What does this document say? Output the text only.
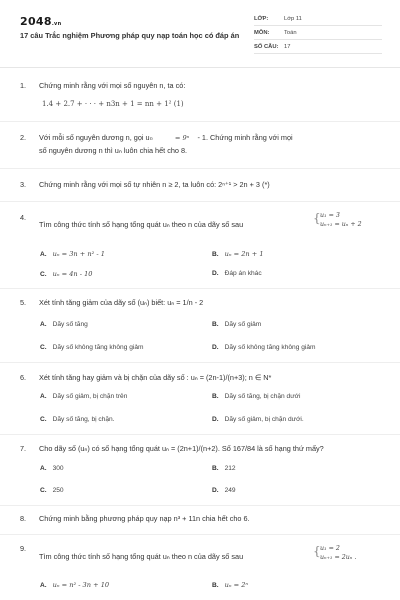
2048.vn
17 câu Trắc nghiệm Phương pháp quy nạp toán học có đáp án
LỚP:	Lớp 11
MÔN:	Toán
SỐ CÂU: 17
1.	Chứng minh rằng với mọi số nguyên n, ta có:
1.4 + 2.7 + · · · + n3n + 1 = nn + 1² (1)
2.	Với mỗi số nguyên dương n, gọi un	= 9ⁿ - 1. Chứng minh rằng với mọi
số nguyên dương n thì uₙ luôn chia hết cho 8.
3.	Chứng minh rằng với mọi số tự nhiên n ≥ 2, ta luôn có: 2ⁿ⁺¹ > 2n + 3 (*)
4.
Tìm công thức tính số hạng tổng quát uₙ theo n của dãy số sau	{ u₁ = 3
uₙ₊₁ = uₙ + 2
A. uₙ = 3n + n² - 1	B. uₙ = 2n + 1
C. uₙ = 4n - 10	D. Đáp án khác
5.	Xét tính tăng giảm của dãy số (uₙ) biết: uₙ = 1/n - 2
A. Dãy số tăng	B. Dãy số giảm
C. Dãy số không tăng không giảm	D. Dãy số không tăng không giảm
6.	Xét tính tăng hay giảm và bị chặn của dãy số : uₙ = (2n-1)/(n+3); n ∈ N*
A. Dãy số giảm, bị chặn trên	B. Dãy số tăng, bị chặn dưới
C. Dãy số tăng, bị chặn.	D. Dãy số giảm, bị chặn dưới.
7.	Cho dãy số (uₙ) có số hạng tổng quát uₙ = (2n+1)/(n+2). Số 167/84 là số hạng thứ mấy?
A. 300	B. 212
C. 250	D. 249
8.	Chứng minh bằng phương pháp quy nạp n³ + 11n chia hết cho 6.
9.
Tìm công thức tính số hạng tổng quát uₙ theo n của dãy số sau	{ u₁ = 2
uₙ₊₁ = 2uₙ .
A. uₙ = n² - 3n + 10	B. uₙ = 2ⁿ
